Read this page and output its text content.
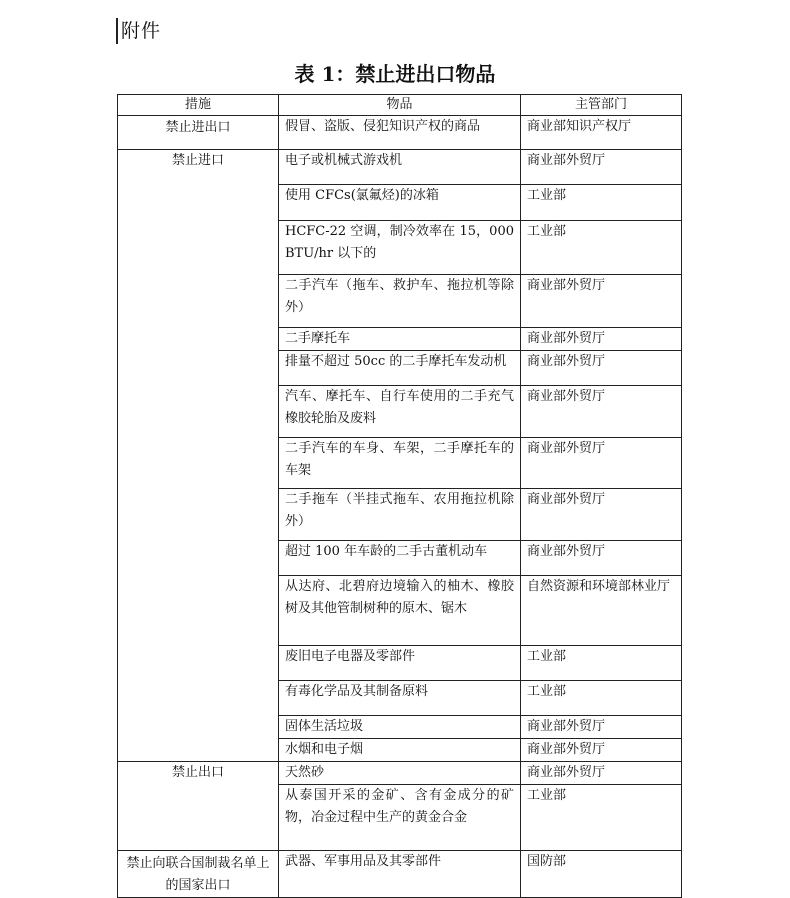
附件
表 1：禁止进出口物品
措施	物品	主管部门
禁止进出口	假冒、盗版、侵犯知识产权的商品	商业部知识产权厅
禁止进口	电子或机械式游戏机	商业部外贸厅
	使用 CFCs(氯氟烃)的冰箱	工业部
	HCFC-22 空调，制冷效率在 15，000BTU/hr 以下的	工业部
	二手汽车（拖车、救护车、拖拉机等除外）	商业部外贸厅
	二手摩托车	商业部外贸厅
	排量不超过 50cc 的二手摩托车发动机	商业部外贸厅
	汽车、摩托车、自行车使用的二手充气橡胶轮胎及废料	商业部外贸厅
	二手汽车的车身、车架，二手摩托车的车架	商业部外贸厅
	二手拖车（半挂式拖车、农用拖拉机除外）	商业部外贸厅
	超过 100 年车龄的二手古董机动车	商业部外贸厅
	从达府、北碧府边境输入的柚木、橡胶树及其他管制树种的原木、锯木	自然资源和环境部林业厅
	废旧电子电器及零部件	工业部
	有毒化学品及其制备原料	工业部
	固体生活垃圾	商业部外贸厅
	水烟和电子烟	商业部外贸厅
禁止出口	天然砂	商业部外贸厅
	从泰国开采的金矿、含有金成分的矿物，冶金过程中生产的黄金合金	工业部
禁止向联合国制裁名单上的国家出口	武器、军事用品及其零部件	国防部
